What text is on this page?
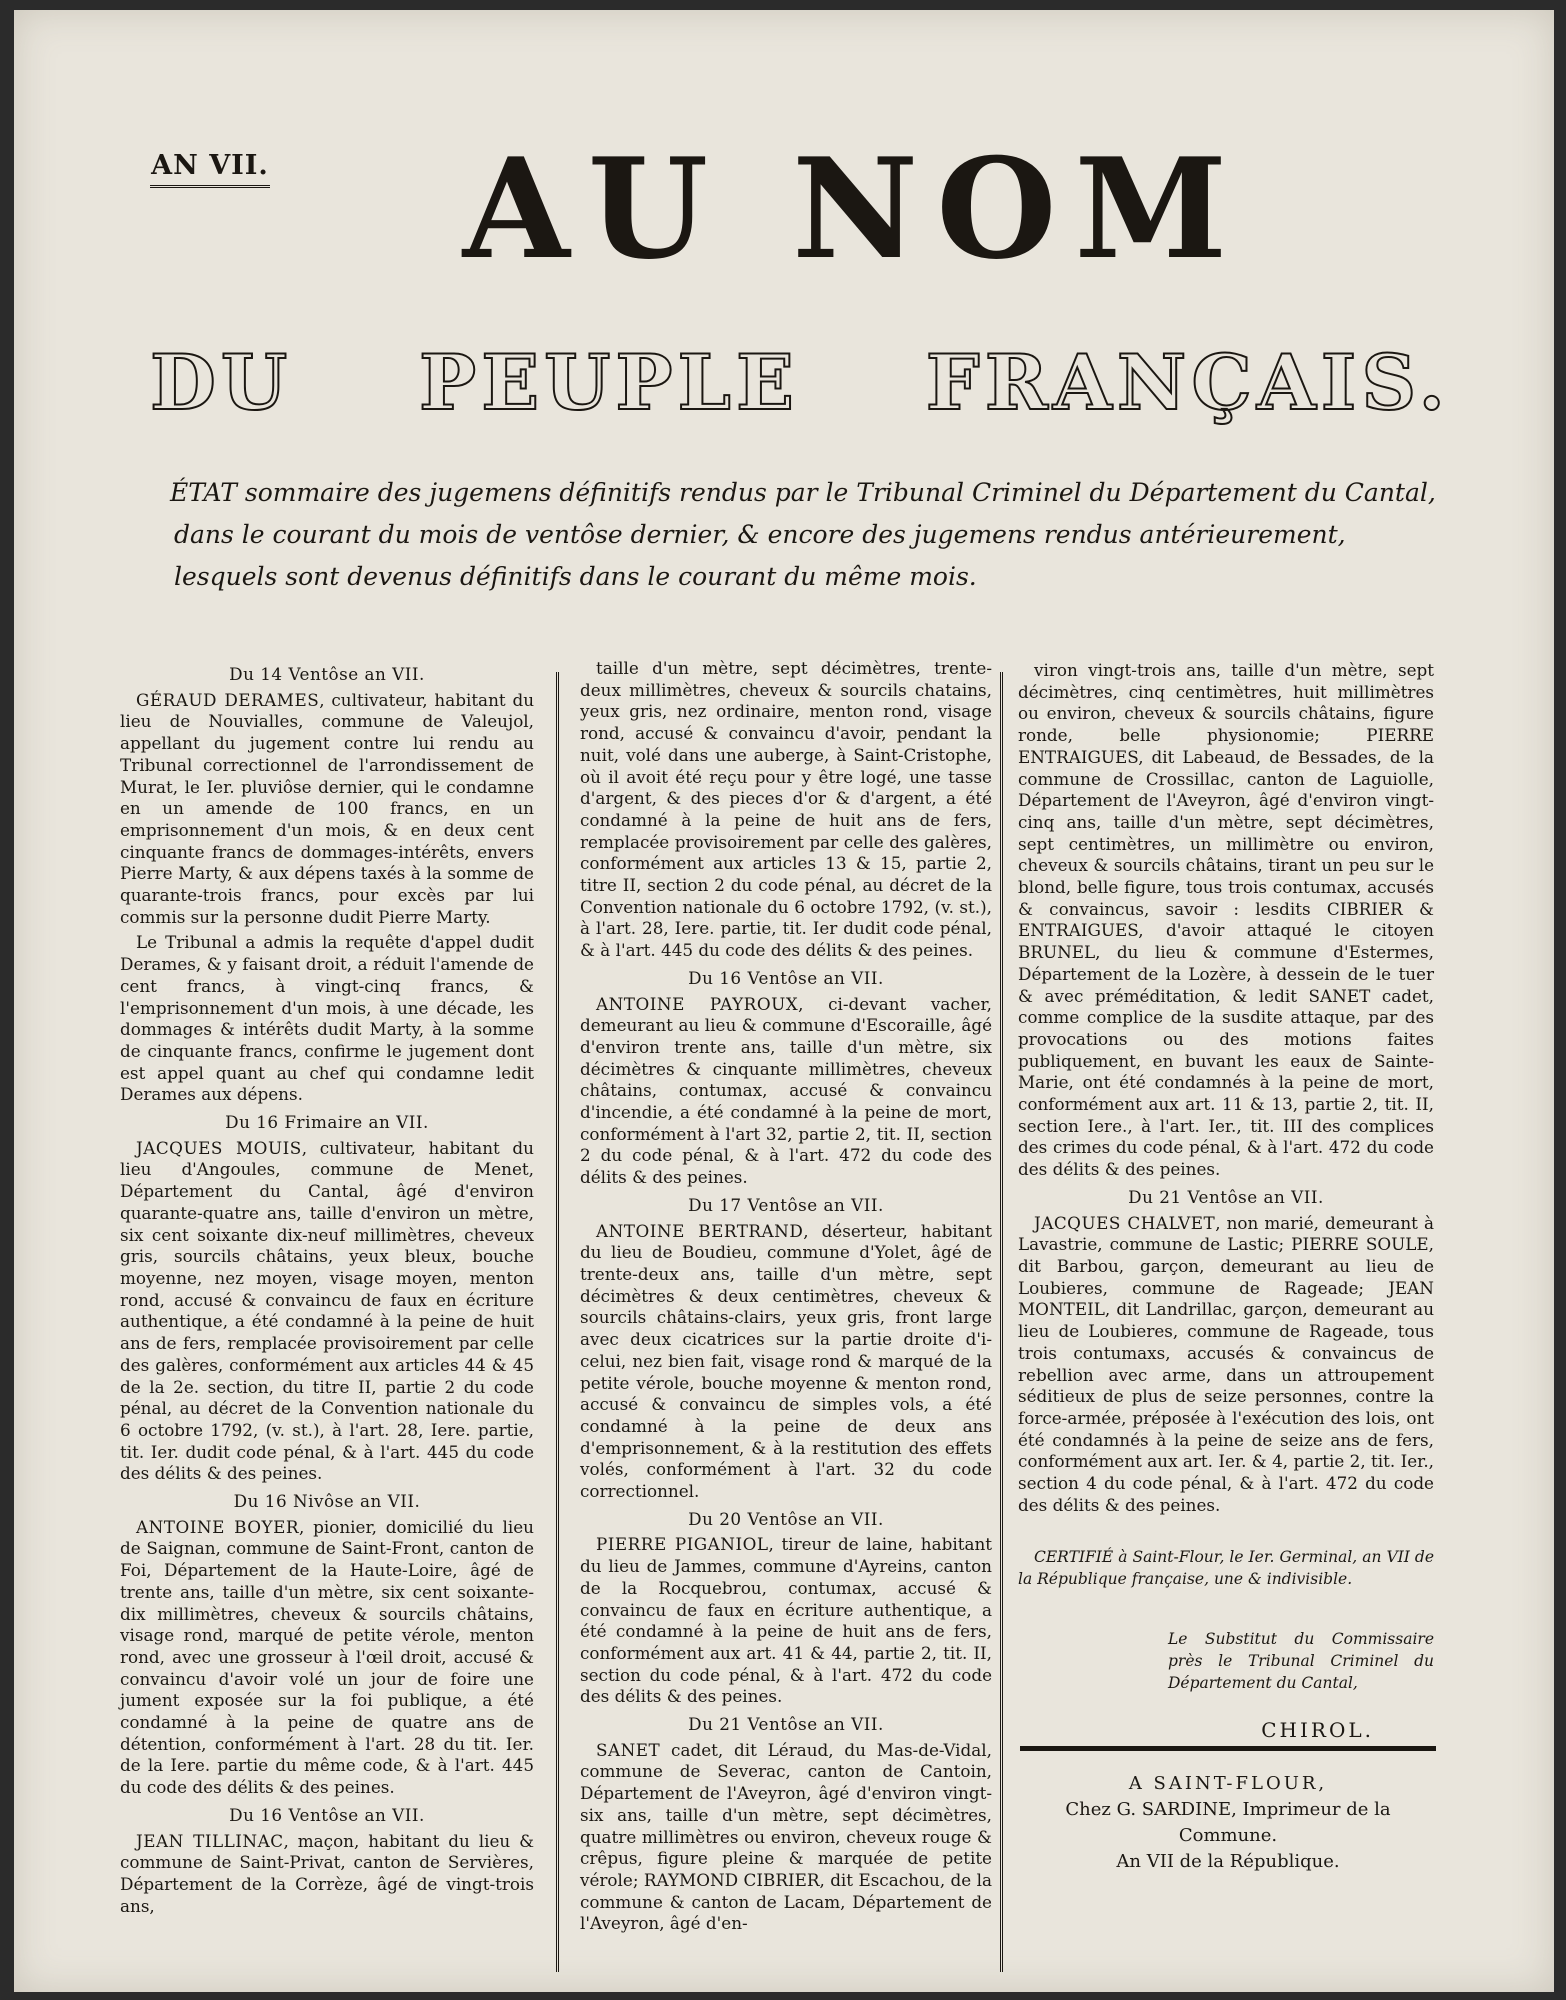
AN VII.	AU NOM
DU PEUPLE FRANÇAIS.
ÉTAT sommaire des jugemens définitifs rendus par le Tribunal Criminel du Département du Cantal, dans le courant du mois de ventôse dernier, & encore des jugemens rendus antérieurement, lesquels sont devenus définitifs dans le courant du même mois.
Du 14 Ventôse an VII.

GÉRAUD DERAMES, cultivateur, habitant du lieu de Nouvialles, commune de Valeujol, appellant du jugement contre lui rendu au Tribunal correctionnel de l'arrondissement de Murat, le Ier. pluviôse dernier, qui le condamne en un amende de 100 francs, en un emprisonnement d'un mois, & en deux cent cinquante francs de dommages-intérêts, envers Pierre Marty, & aux dépens taxés à la somme de quarante-trois francs, pour excès par lui commis sur la personne dudit Pierre Marty.

Le Tribunal a admis la requête d'appel dudit Derames, & y faisant droit, a réduit l'amende de cent francs, à vingt-cinq francs, & l'emprisonnement d'un mois, à une décade, les dommages & intérêts dudit Marty, à la somme de cinquante francs, confirme le jugement dont est appel quant au chef qui condamne ledit Derames aux dépens.

Du 16 Frimaire an VII.

JACQUES MOUIS, cultivateur, habitant du lieu d'Angoules, commune de Menet, Département du Cantal, âgé d'environ quarante-quatre ans, taille d'environ un mètre, six cent soixante dix-neuf millimètres, cheveux gris, sourcils châtains, yeux bleux, bouche moyenne, nez moyen, visage moyen, menton rond, accusé & convaincu de faux en écriture authentique, a été condamné à la peine de huit ans de fers, remplacée provisoirement par celle des galères, conformément aux articles 44 & 45 de la 2e. section, du titre II, partie 2 du code pénal, au décret de la Convention nationale du 6 octobre 1792, (v. st.), à l'art. 28, Iere. partie, tit. Ier. dudit code pénal, & à l'art. 445 du code des délits & des peines.

Du 16 Nivôse an VII.

ANTOINE BOYER, pionier, domicilié du lieu de Saignan, commune de Saint-Front, canton de Foi, Département de la Haute-Loire, âgé de trente ans, taille d'un mètre, six cent soixante-dix millimètres, cheveux & sourcils châtains, visage rond, marqué de petite vérole, menton rond, avec une grosseur à l'œil droit, accusé & convaincu d'avoir volé un jour de foire une jument exposée sur la foi publique, a été condamné à la peine de quatre ans de détention, conformément à l'art. 28 du tit. Ier. de la Iere. partie du même code, & à l'art. 445 du code des délits & des peines.

Du 16 Ventôse an VII.

JEAN TILLINAC, maçon, habitant du lieu & commune de Saint-Privat, canton de Servières, Département de la Corrèze, âgé de vingt-trois ans,

taille d'un mètre, sept décimètres, trente-deux millimètres, cheveux & sourcils chatains, yeux gris, nez ordinaire, menton rond, visage rond, accusé & convaincu d'avoir, pendant la nuit, volé dans une auberge, à Saint-Cristophe, où il avoit été reçu pour y être logé, une tasse d'argent, & des pieces d'or & d'argent, a été condamné à la peine de huit ans de fers, remplacée provisoirement par celle des galères, conformément aux articles 13 & 15, partie 2, titre II, section 2 du code pénal, au décret de la Convention nationale du 6 octobre 1792, (v. st.), à l'art. 28, Iere. partie, tit. Ier dudit code pénal, & à l'art. 445 du code des délits & des peines.

Du 16 Ventôse an VII.

ANTOINE PAYROUX, ci-devant vacher, demeurant au lieu & commune d'Escoraille, âgé d'environ trente ans, taille d'un mètre, six décimètres & cinquante millimètres, cheveux châtains, contumax, accusé & convaincu d'incendie, a été condamné à la peine de mort, conformément à l'art 32, partie 2, tit. II, section 2 du code pénal, & à l'art. 472 du code des délits & des peines.

Du 17 Ventôse an VII.

ANTOINE BERTRAND, déserteur, habitant du lieu de Boudieu, commune d'Yolet, âgé de trente-deux ans, taille d'un mètre, sept décimètres & deux centimètres, cheveux & sourcils châtains-clairs, yeux gris, front large avec deux cicatrices sur la partie droite d'i-celui, nez bien fait, visage rond & marqué de la petite vérole, bouche moyenne & menton rond, accusé & convaincu de simples vols, a été condamné à la peine de deux ans d'emprisonnement, & à la restitution des effets volés, conformément à l'art. 32 du code correctionnel.

Du 20 Ventôse an VII.

PIERRE PIGANIOL, tireur de laine, habitant du lieu de Jammes, commune d'Ayreins, canton de la Rocquebrou, contumax, accusé & convaincu de faux en écriture authentique, a été condamné à la peine de huit ans de fers, conformément aux art. 41 & 44, partie 2, tit. II, section du code pénal, & à l'art. 472 du code des délits & des peines.

Du 21 Ventôse an VII.

SANET cadet, dit Léraud, du Mas-de-Vidal, commune de Severac, canton de Cantoin, Département de l'Aveyron, âgé d'environ vingt-six ans, taille d'un mètre, sept décimètres, quatre millimètres ou environ, cheveux rouge & crêpus, figure pleine & marquée de petite vérole; RAYMOND CIBRIER, dit Escachou, de la commune & canton de Lacam, Département de l'Aveyron, âgé d'en-

viron vingt-trois ans, taille d'un mètre, sept décimètres, cinq centimètres, huit millimètres ou environ, cheveux & sourcils châtains, figure ronde, belle physionomie; PIERRE ENTRAIGUES, dit Labeaud, de Bessades, de la commune de Crossillac, canton de Laguiolle, Département de l'Aveyron, âgé d'environ vingt-cinq ans, taille d'un mètre, sept décimètres, sept centimètres, un millimètre ou environ, cheveux & sourcils châtains, tirant un peu sur le blond, belle figure, tous trois contumax, accusés & convaincus, savoir : lesdits CIBRIER & ENTRAIGUES, d'avoir attaqué le citoyen BRUNEL, du lieu & commune d'Estermes, Département de la Lozère, à dessein de le tuer & avec préméditation, & ledit SANET cadet, comme complice de la susdite attaque, par des provocations ou des motions faites publiquement, en buvant les eaux de Sainte-Marie, ont été condamnés à la peine de mort, conformément aux art. 11 & 13, partie 2, tit. II, section Iere., à l'art. Ier., tit. III des complices des crimes du code pénal, & à l'art. 472 du code des délits & des peines.

Du 21 Ventôse an VII.

JACQUES CHALVET, non marié, demeurant à Lavastrie, commune de Lastic; PIERRE SOULE, dit Barbou, garçon, demeurant au lieu de Loubieres, commune de Rageade; JEAN MONTEIL, dit Landrillac, garçon, demeurant au lieu de Loubieres, commune de Rageade, tous trois contumaxs, accusés & convaincus de rebellion avec arme, dans un attroupement séditieux de plus de seize personnes, contre la force-armée, préposée à l'exécution des lois, ont été condamnés à la peine de seize ans de fers, conformément aux art. Ier. & 4, partie 2, tit. Ier., section 4 du code pénal, & à l'art. 472 du code des délits & des peines.

CERTIFIÉ à Saint-Flour, le Ier. Germinal, an VII de la République française, une & indivisible.
Le Substitut du Commissaire près le Tribunal Criminel du Département du Cantal,
CHIROL.
A SAINT-FLOUR,
Chez G. SARDINE, Imprimeur de la Commune.
An VII de la République.
